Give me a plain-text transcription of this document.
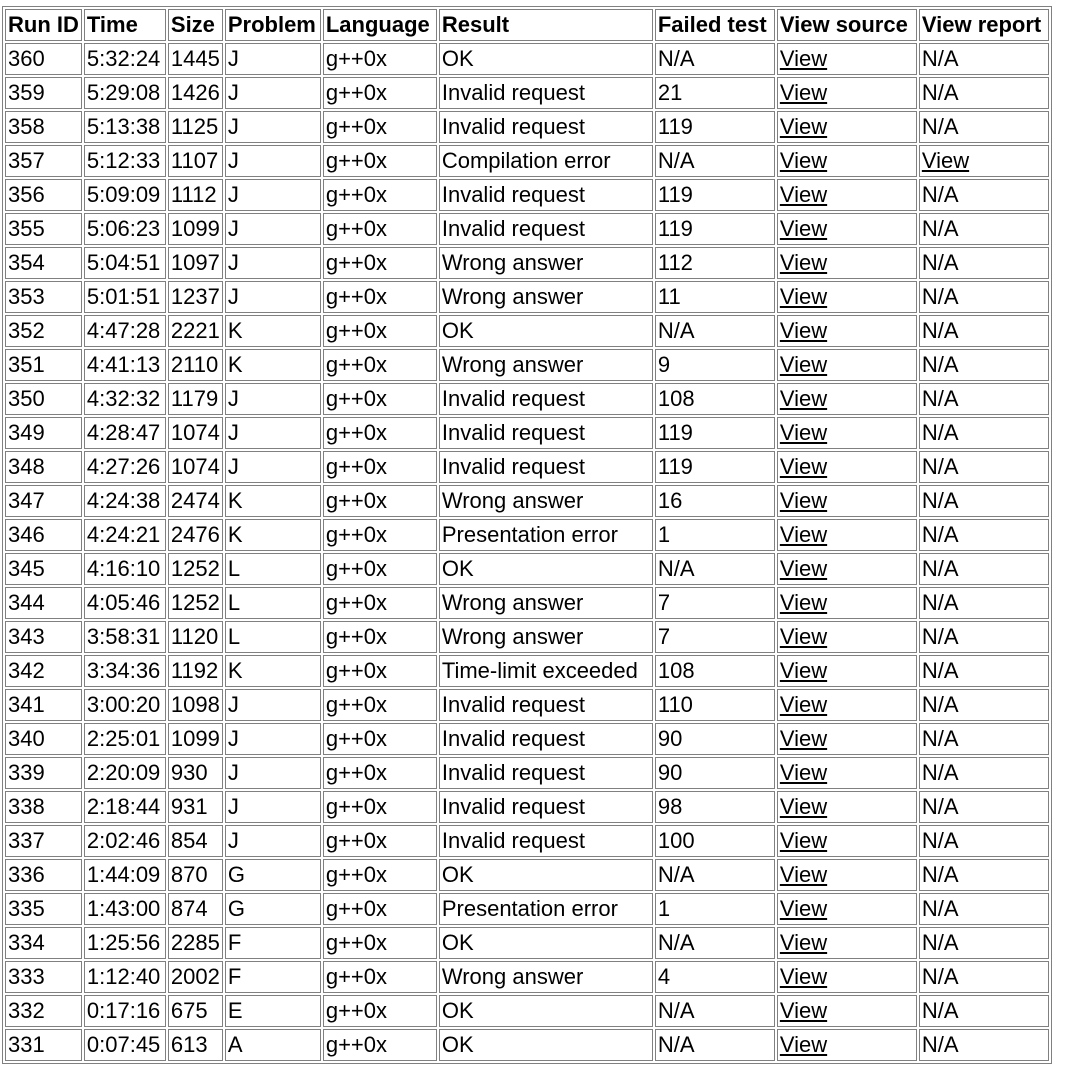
Run ID	Time	Size	Problem	Language	Result	Failed test	View source	View report
360	5:32:24	1445	J	g++0x	OK	N/A	View	N/A
359	5:29:08	1426	J	g++0x	Invalid request	21	View	N/A
358	5:13:38	1125	J	g++0x	Invalid request	119	View	N/A
357	5:12:33	1107	J	g++0x	Compilation error	N/A	View	View
356	5:09:09	1112	J	g++0x	Invalid request	119	View	N/A
355	5:06:23	1099	J	g++0x	Invalid request	119	View	N/A
354	5:04:51	1097	J	g++0x	Wrong answer	112	View	N/A
353	5:01:51	1237	J	g++0x	Wrong answer	11	View	N/A
352	4:47:28	2221	K	g++0x	OK	N/A	View	N/A
351	4:41:13	2110	K	g++0x	Wrong answer	9	View	N/A
350	4:32:32	1179	J	g++0x	Invalid request	108	View	N/A
349	4:28:47	1074	J	g++0x	Invalid request	119	View	N/A
348	4:27:26	1074	J	g++0x	Invalid request	119	View	N/A
347	4:24:38	2474	K	g++0x	Wrong answer	16	View	N/A
346	4:24:21	2476	K	g++0x	Presentation error	1	View	N/A
345	4:16:10	1252	L	g++0x	OK	N/A	View	N/A
344	4:05:46	1252	L	g++0x	Wrong answer	7	View	N/A
343	3:58:31	1120	L	g++0x	Wrong answer	7	View	N/A
342	3:34:36	1192	K	g++0x	Time-limit exceeded	108	View	N/A
341	3:00:20	1098	J	g++0x	Invalid request	110	View	N/A
340	2:25:01	1099	J	g++0x	Invalid request	90	View	N/A
339	2:20:09	930	J	g++0x	Invalid request	90	View	N/A
338	2:18:44	931	J	g++0x	Invalid request	98	View	N/A
337	2:02:46	854	J	g++0x	Invalid request	100	View	N/A
336	1:44:09	870	G	g++0x	OK	N/A	View	N/A
335	1:43:00	874	G	g++0x	Presentation error	1	View	N/A
334	1:25:56	2285	F	g++0x	OK	N/A	View	N/A
333	1:12:40	2002	F	g++0x	Wrong answer	4	View	N/A
332	0:17:16	675	E	g++0x	OK	N/A	View	N/A
331	0:07:45	613	A	g++0x	OK	N/A	View	N/A
